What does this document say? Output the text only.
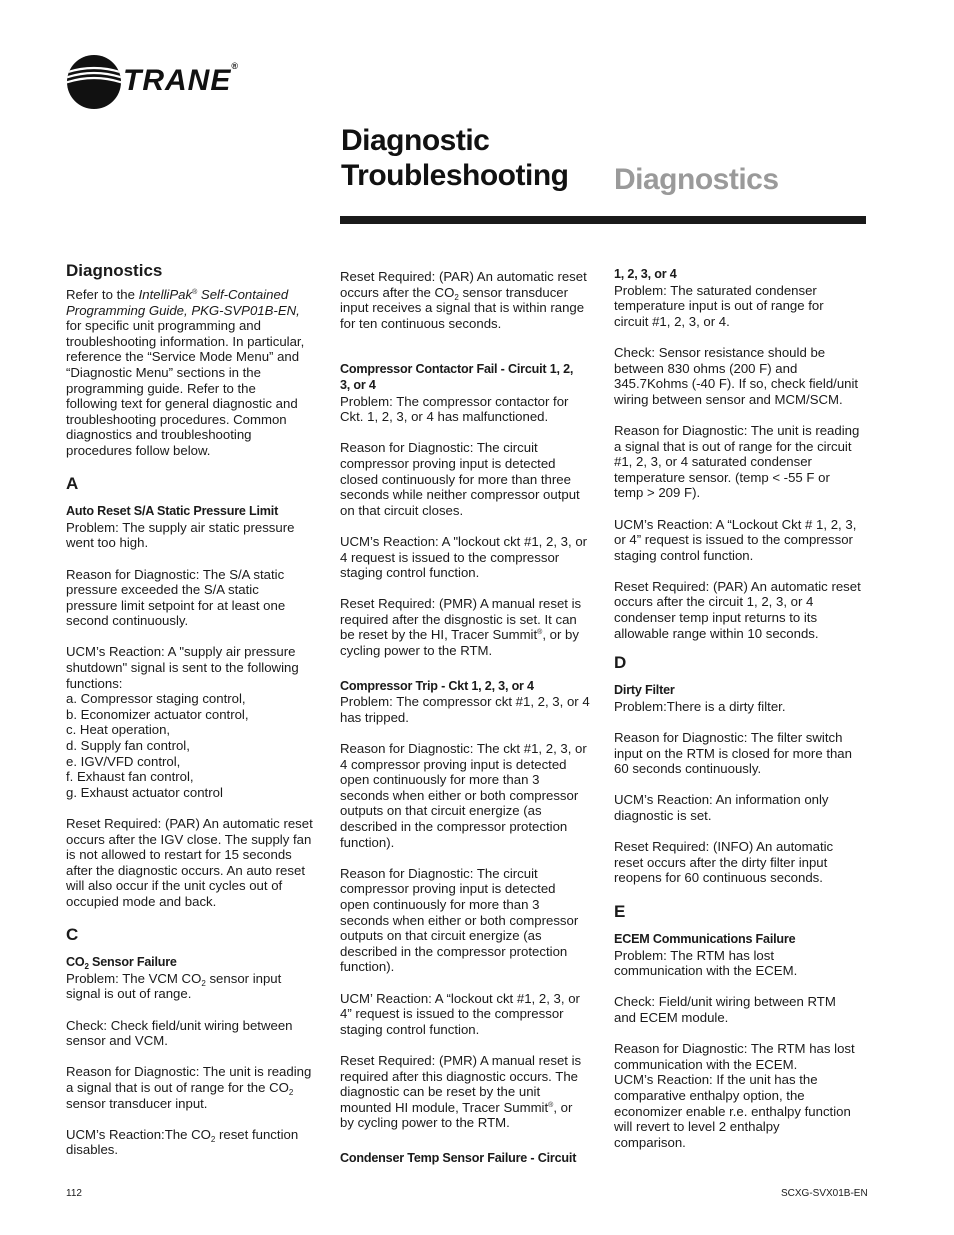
TRANE®
Diagnostic
Troubleshooting Diagnostics
Diagnostics

Refer to the IntelliPak® Self-Contained
Programming Guide, PKG-SVP01B-EN,
for specific unit programming and
troubleshooting information. In particular,
reference the “Service Mode Menu” and
“Diagnostic Menu” sections in the
programming guide. Refer to the
following text for general diagnostic and
troubleshooting procedures. Common
diagnostics and troubleshooting
procedures follow below.

A
Auto Reset S/A Static Pressure Limit

Problem: The supply air static pressure
went too high.

Reason for Diagnostic: The S/A static
pressure exceeded the S/A static
pressure limit setpoint for at least one
second continuously.

UCM’s Reaction: A "supply air pressure
shutdown" signal is sent to the following
functions:
a. Compressor staging control,
b. Economizer actuator control,
c. Heat operation,
d. Supply fan control,
e. IGV/VFD control,
f. Exhaust fan control,
g. Exhaust actuator control

Reset Required: (PAR) An automatic reset
occurs after the IGV close. The supply fan
is not allowed to restart for 15 seconds
after the diagnostic occurs. An auto reset
will also occur if the unit cycles out of
occupied mode and back.

C
$CO_2$ Sensor Failure

Problem: The VCM $CO_2$ sensor input
signal is out of range.

Check: Check field/unit wiring between
sensor and VCM.

Reason for Diagnostic: The unit is reading
a signal that is out of range for the $CO_2$
sensor transducer input.

UCM’s Reaction:The $CO_2$ reset function
disables.

Reset Required: (PAR) An automatic reset
occurs after the $CO_2$ sensor transducer
input receives a signal that is within range
for ten continuous seconds.

Compressor Contactor Fail - Circuit 1, 2,
3, or 4

Problem: The compressor contactor for
Ckt. 1, 2, 3, or 4 has malfunctioned.

Reason for Diagnostic: The circuit
compressor proving input is detected
closed continuously for more than three
seconds while neither compressor output
on that circuit closes.

UCM’s Reaction: A "lockout ckt #1, 2, 3, or
4 request is issued to the compressor
staging control function.

Reset Required: (PMR) A manual reset is
required after the disgnostic is set. It can
be reset by the HI, Tracer Summit®, or by
cycling power to the RTM.

Compressor Trip - Ckt 1, 2, 3, or 4

Problem: The compressor ckt #1, 2, 3, or 4
has tripped.

Reason for Diagnostic: The ckt #1, 2, 3, or
4 compressor proving input is detected
open continuously for more than 3
seconds when either or both compressor
outputs on that circuit energize (as
described in the compressor protection
function).

Reason for Diagnostic: The circuit
compressor proving input is detected
open continuously for more than 3
seconds when either or both compressor
outputs on that circuit energize (as
described in the compressor protection
function).

UCM’ Reaction: A “lockout ckt #1, 2, 3, or
4” request is issued to the compressor
staging control function.

Reset Required: (PMR) A manual reset is
required after this diagnostic occurs. The
diagnostic can be reset by the unit
mounted HI module, Tracer Summit®, or
by cycling power to the RTM.

Condenser Temp Sensor Failure - Circuit
1, 2, 3, or 4

Problem: The saturated condenser
temperature input is out of range for
circuit #1, 2, 3, or 4.

Check: Sensor resistance should be
between 830 ohms (200 F) and
345.7Kohms (-40 F). If so, check field/unit
wiring between sensor and MCM/SCM.

Reason for Diagnostic: The unit is reading
a signal that is out of range for the circuit
#1, 2, 3, or 4 saturated condenser
temperature sensor. (temp < -55 F or
temp > 209 F).

UCM’s Reaction: A “Lockout Ckt # 1, 2, 3,
or 4” request is issued to the compressor
staging control function.

Reset Required: (PAR) An automatic reset
occurs after the circuit 1, 2, 3, or 4
condenser temp input returns to its
allowable range within 10 seconds.

D
Dirty Filter

Problem:There is a dirty filter.

Reason for Diagnostic: The filter switch
input on the RTM is closed for more than
60 seconds continuously.

UCM’s Reaction: An information only
diagnostic is set.

Reset Required: (INFO) An automatic
reset occurs after the dirty filter input
reopens for 60 continuous seconds.

E
ECEM Communications Failure

Problem: The RTM has lost
communication with the ECEM.

Check: Field/unit wiring between RTM
and ECEM module.

Reason for Diagnostic: The RTM has lost
communication with the ECEM.
UCM’s Reaction: If the unit has the
comparative enthalpy option, the
economizer enable r.e. enthalpy function
will revert to level 2 enthalpy
comparison.

112	SCXG-SVX01B-EN
